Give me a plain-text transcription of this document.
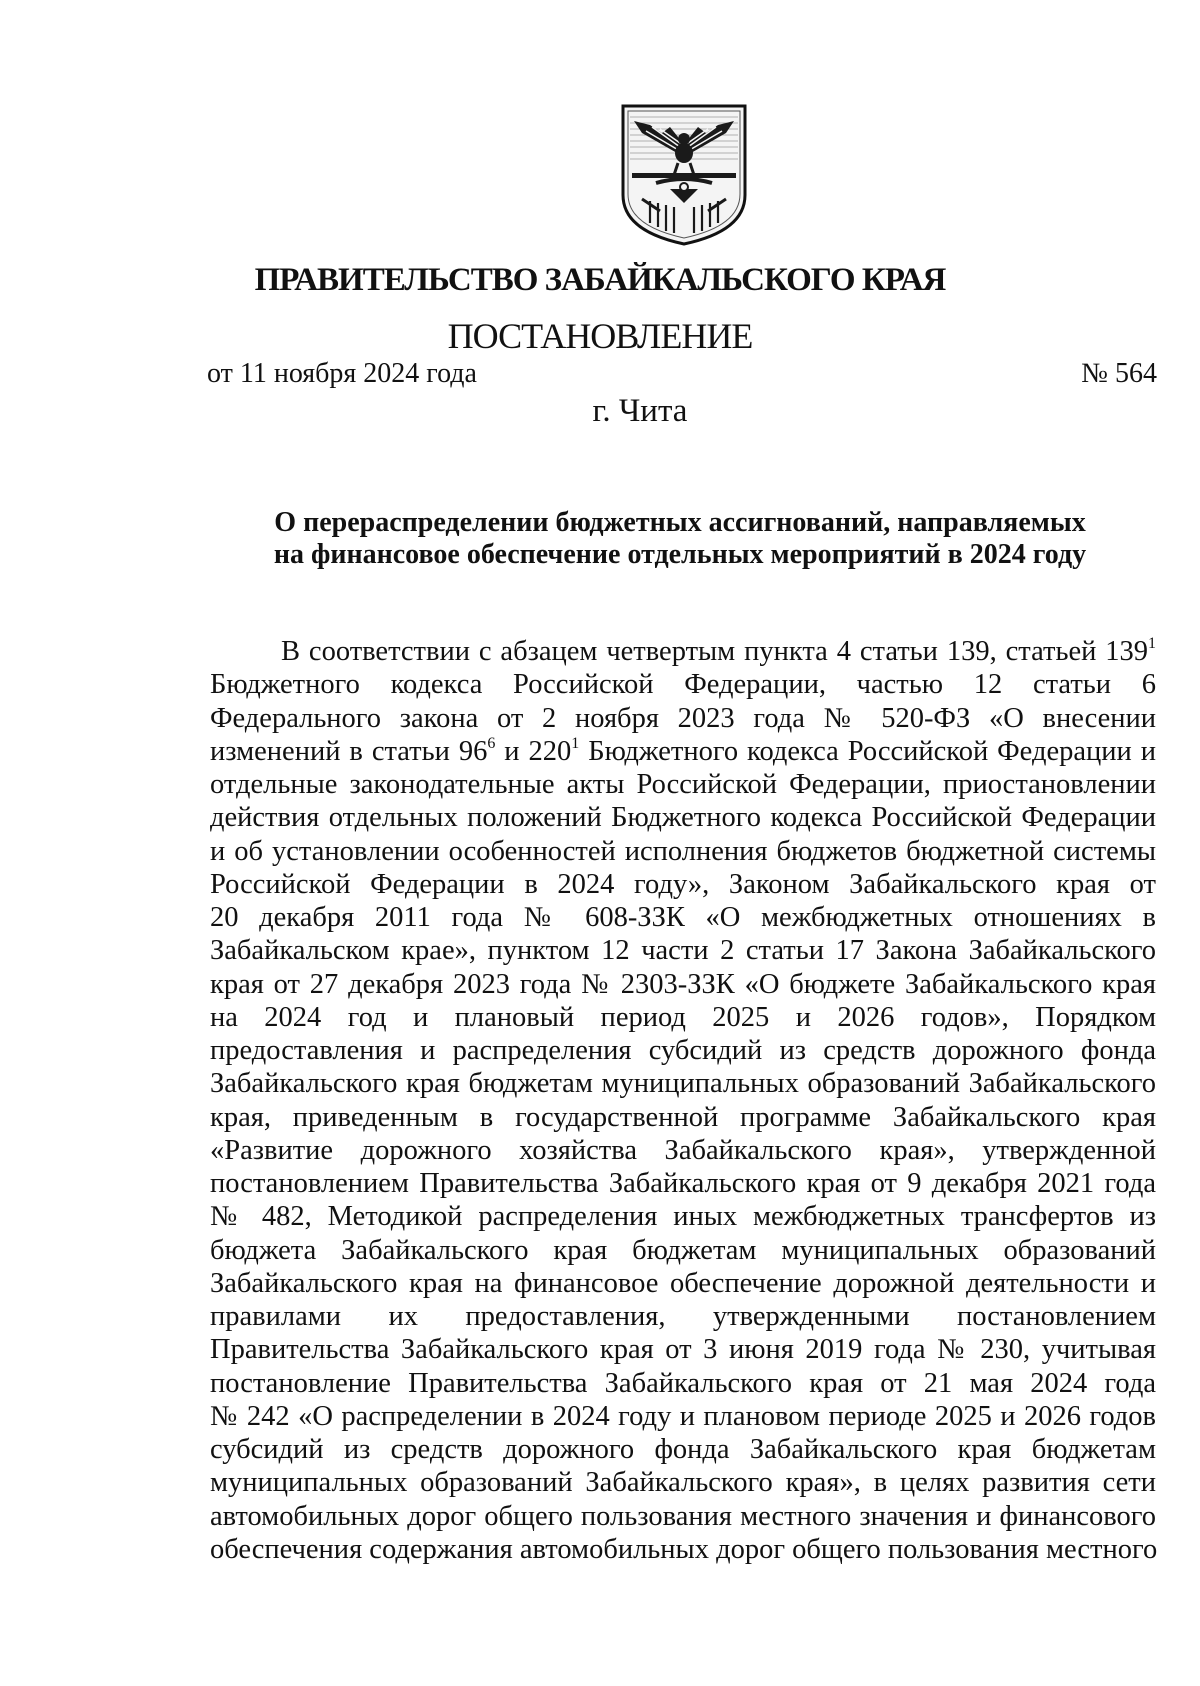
ПРАВИТЕЛЬСТВО ЗАБАЙКАЛЬСКОГО КРАЯ
ПОСТАНОВЛЕНИЕ
от 11 ноября 2024 года	№ 564
г. Чита
О перераспределении бюджетных ассигнований, направляемых
на финансовое обеспечение отдельных мероприятий в 2024 году
В соответствии с абзацем четвертым пункта 4 статьи 139, статьей $139^1$
Бюджетного кодекса Российской Федерации, частью 12 статьи 6
Федерального закона от 2 ноября 2023 года № 520-ФЗ «О внесении
изменений в статьи $96^6$ и $220^1$ Бюджетного кодекса Российской Федерации и
отдельные законодательные акты Российской Федерации, приостановлении
действия отдельных положений Бюджетного кодекса Российской Федерации
и об установлении особенностей исполнения бюджетов бюджетной системы
Российской Федерации в 2024 году», Законом Забайкальского края от
20 декабря 2011 года № 608-ЗЗК «О межбюджетных отношениях в
Забайкальском крае», пунктом 12 части 2 статьи 17 Закона Забайкальского
края от 27 декабря 2023 года № 2303-ЗЗК «О бюджете Забайкальского края
на 2024 год и плановый период 2025 и 2026 годов», Порядком
предоставления и распределения субсидий из средств дорожного фонда
Забайкальского края бюджетам муниципальных образований Забайкальского
края, приведенным в государственной программе Забайкальского края
«Развитие дорожного хозяйства Забайкальского края», утвержденной
постановлением Правительства Забайкальского края от 9 декабря 2021 года
№ 482, Методикой распределения иных межбюджетных трансфертов из
бюджета Забайкальского края бюджетам муниципальных образований
Забайкальского края на финансовое обеспечение дорожной деятельности и
правилами их предоставления, утвержденными постановлением
Правительства Забайкальского края от 3 июня 2019 года № 230, учитывая
постановление Правительства Забайкальского края от 21 мая 2024 года
№ 242 «О распределении в 2024 году и плановом периоде 2025 и 2026 годов
субсидий из средств дорожного фонда Забайкальского края бюджетам
муниципальных образований Забайкальского края», в целях развития сети
автомобильных дорог общего пользования местного значения и финансового
обеспечения содержания автомобильных дорог общего пользования местного
